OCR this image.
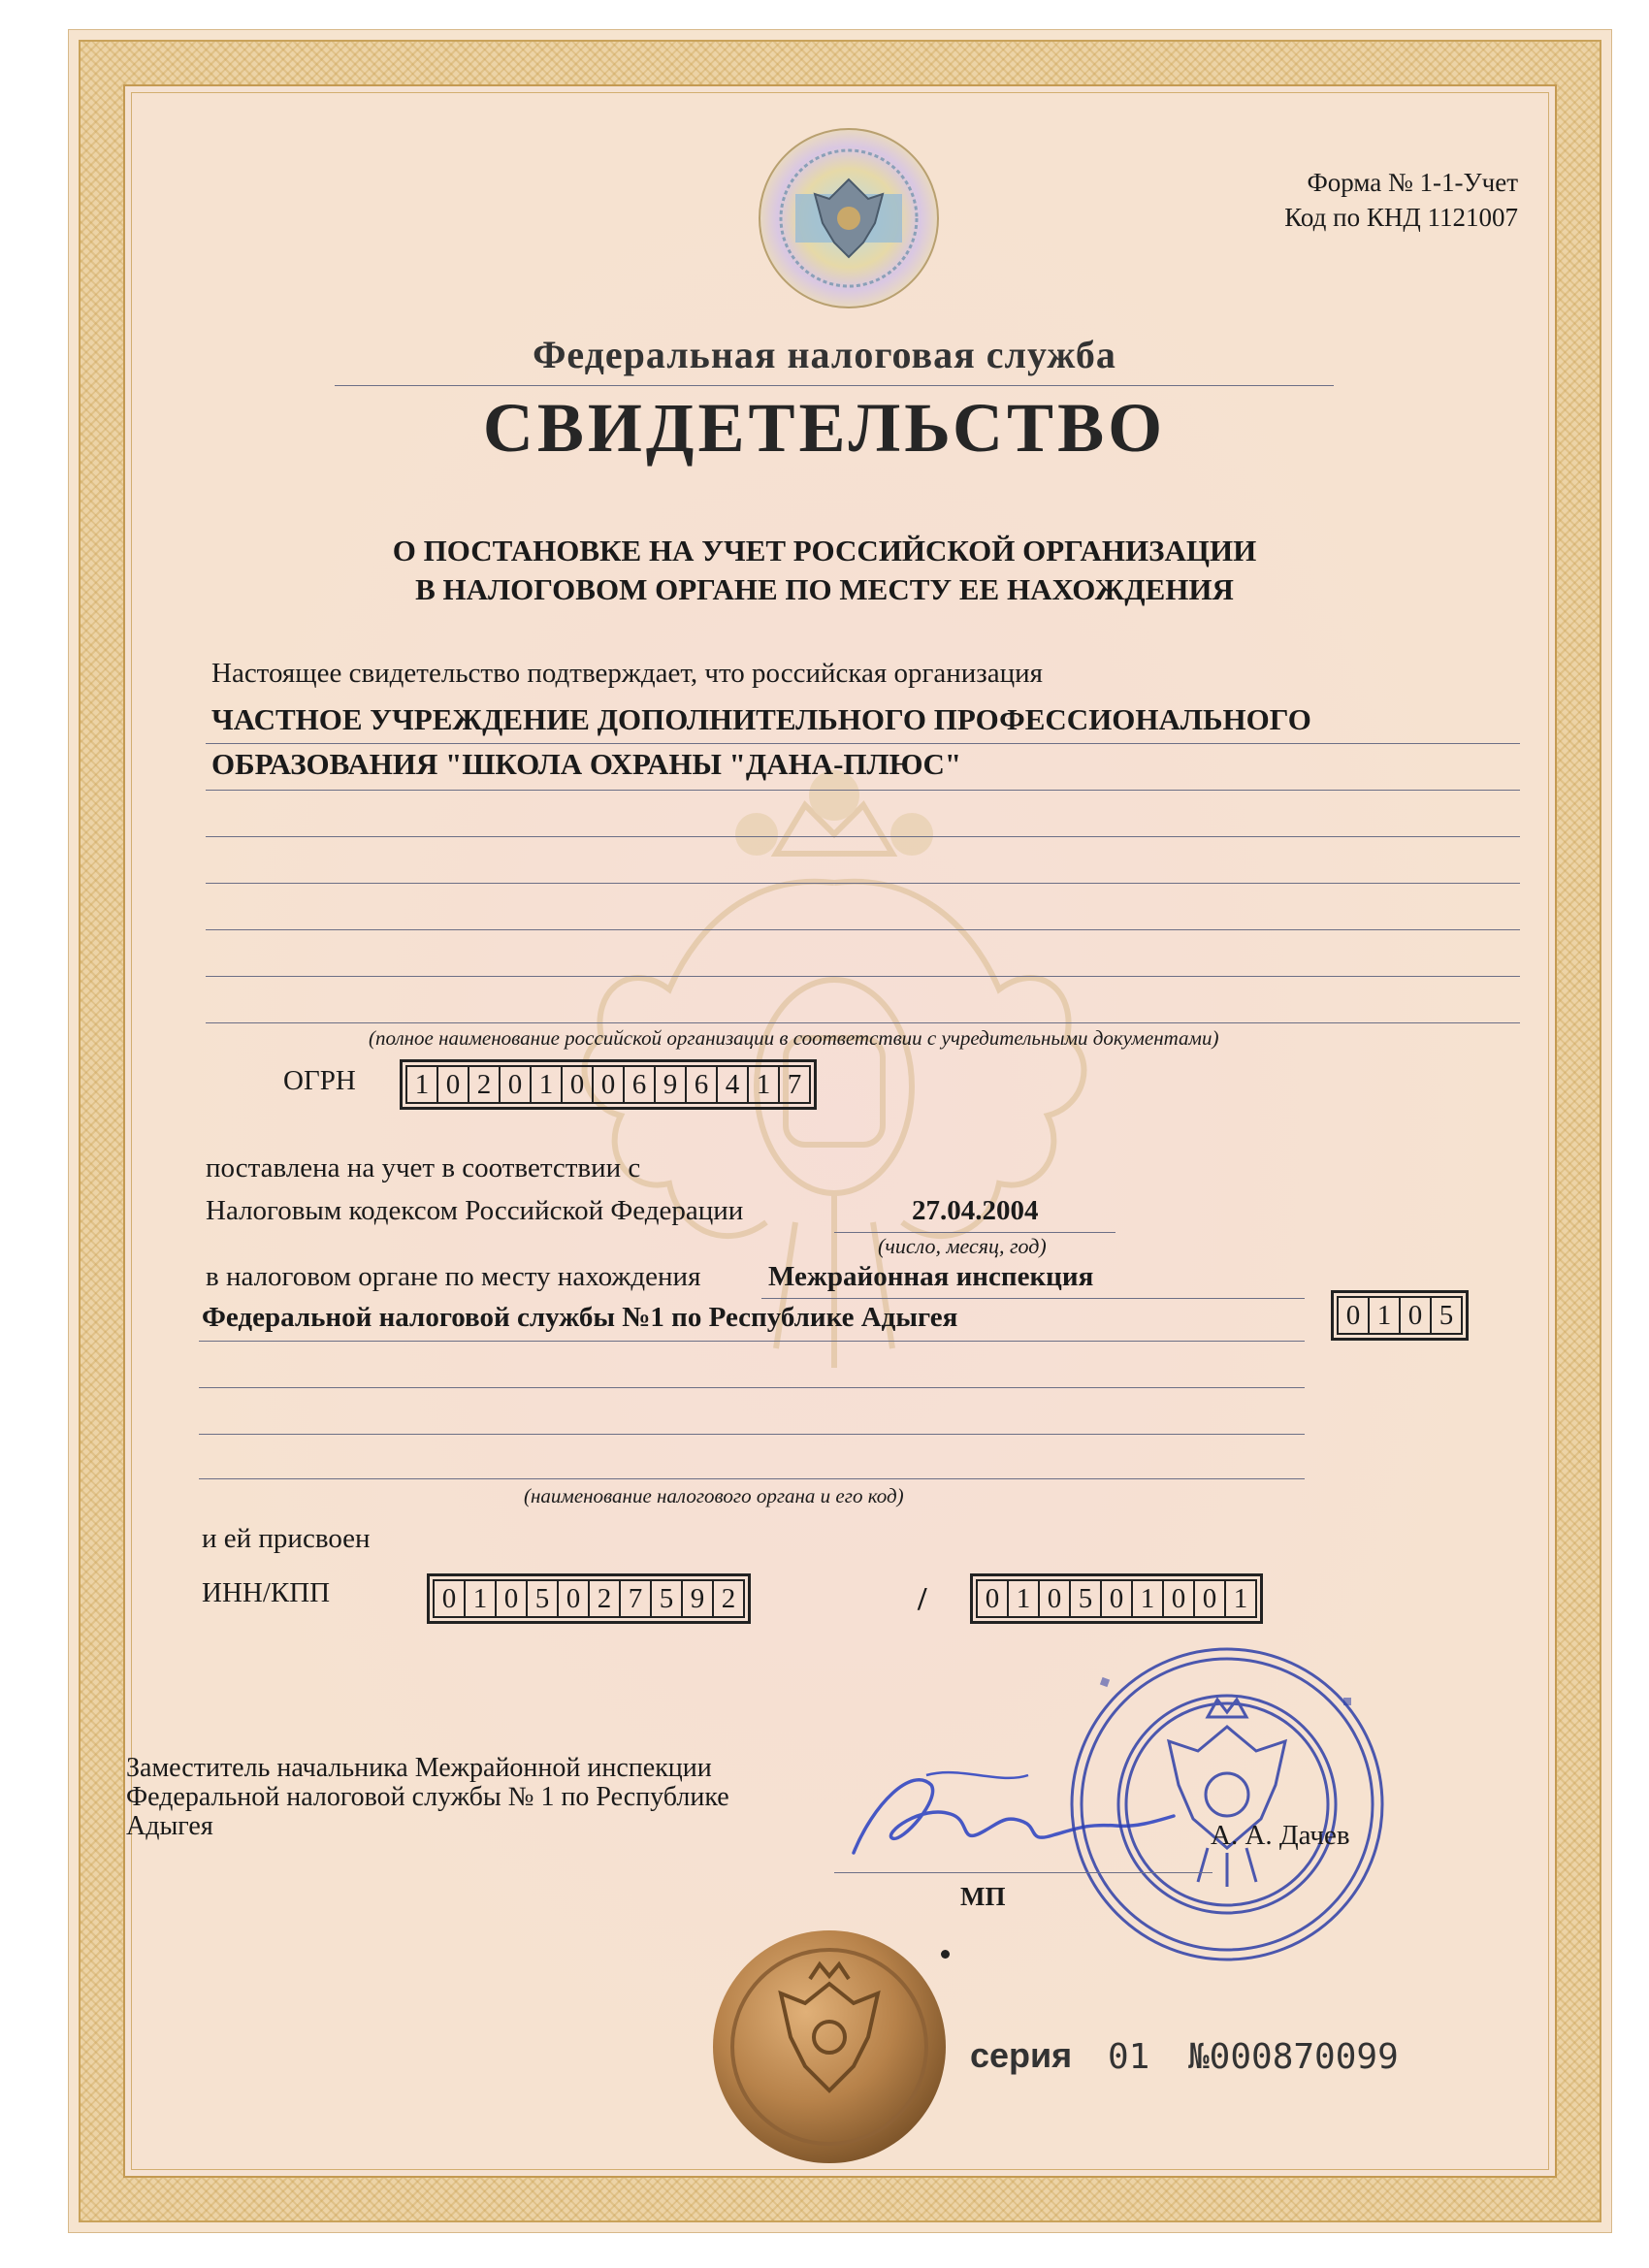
Форма № 1-1-Учет
Код по КНД 1121007
Федеральная налоговая служба
СВИДЕТЕЛЬСТВО
О ПОСТАНОВКЕ НА УЧЕТ РОССИЙСКОЙ ОРГАНИЗАЦИИ
В НАЛОГОВОМ ОРГАНЕ ПО МЕСТУ ЕЕ НАХОЖДЕНИЯ
Настоящее свидетельство подтверждает, что российская организация
ЧАСТНОЕ УЧРЕЖДЕНИЕ ДОПОЛНИТЕЛЬНОГО ПРОФЕССИОНАЛЬНОГО
ОБРАЗОВАНИЯ "ШКОЛА ОХРАНЫ "ДАНА-ПЛЮС"
(полное наименование российской организации в соответствии с учредительными документами)
ОГРН	1 0 2 0 1 0 0 6 9 6 4 1 7
поставлена на учет в соответствии с
Налоговым кодексом Российской Федерации	27.04.2004
(число, месяц, год)
в налоговом органе по месту нахождения Межрайонная инспекция
Федеральной налоговой службы №1 по Республике Адыгея	0 1 0 5
(наименование налогового органа и его код)
и ей присвоен
ИНН/КПП	0 1 0 5 0 2 7 5 9 2	/	0 1 0 5 0 1 0 0 1
Заместитель начальника Межрайонной инспекции
Федеральной налоговой службы № 1 по Республике
Адыгея	А. А. Дачев
МП
серия 01 №000870099
